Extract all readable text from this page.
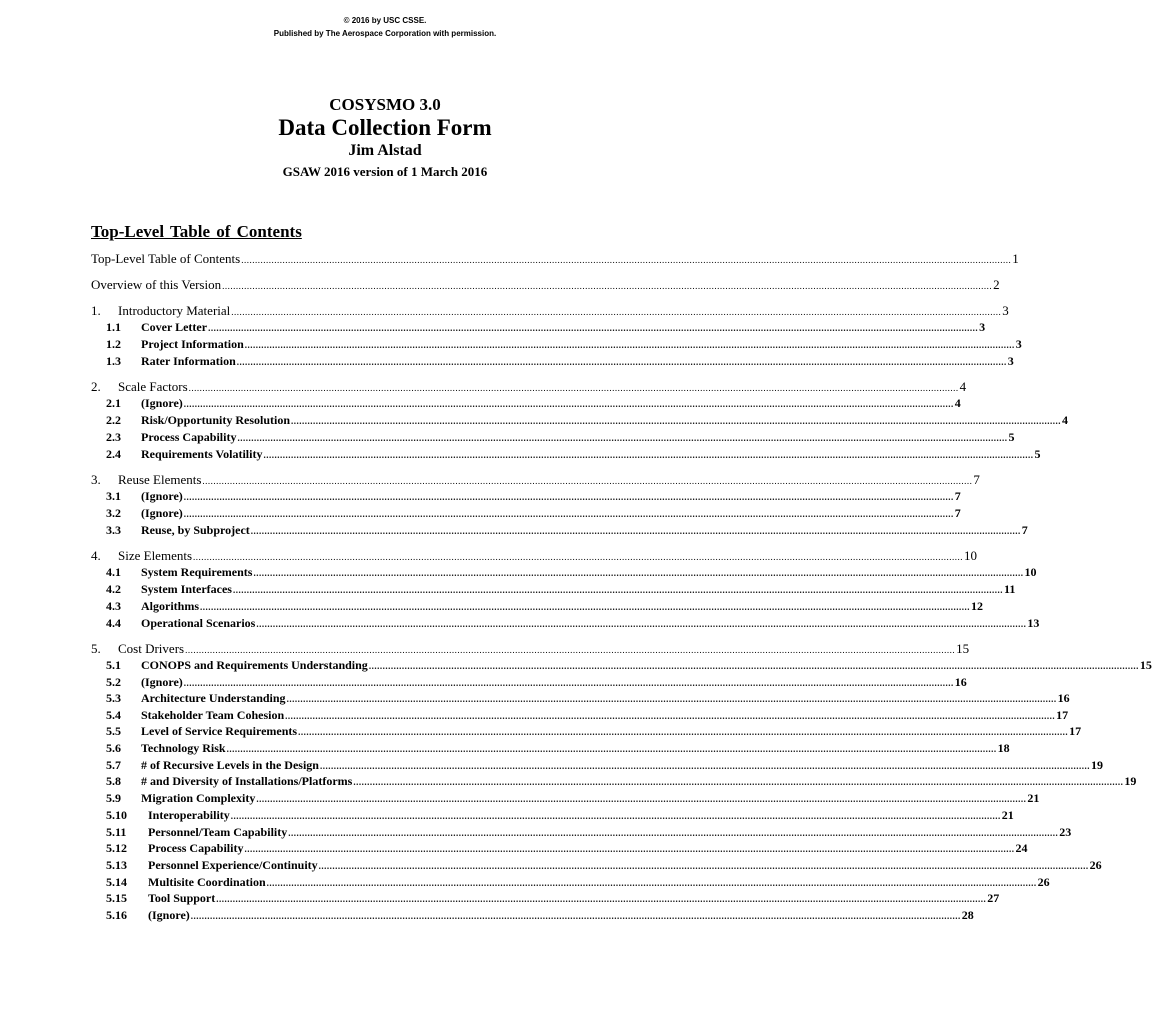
© 2016 by USC CSSE.
Published by The Aerospace Corporation with permission.
COSYSMO 3.0
Data Collection Form
Jim Alstad
GSAW 2016 version of 1 March 2016
Top-Level Table of Contents
Top-Level Table of Contents ........................................................................................................................................................................................................................................................................................ 1
Overview of this Version ........................................................................................................................................................................................................................................................................................ 2
1.	Introductory Material ........................................................................................................................................................................................................................................................................................ 3
1.1	Cover Letter ........................................................................................................................................................................................................................................................................................ 3
1.2	Project Information ........................................................................................................................................................................................................................................................................................ 3
1.3	Rater Information ........................................................................................................................................................................................................................................................................................ 3
2.	Scale Factors ........................................................................................................................................................................................................................................................................................ 4
2.1	(Ignore) ........................................................................................................................................................................................................................................................................................ 4
2.2	Risk/Opportunity Resolution ........................................................................................................................................................................................................................................................................................ 4
2.3	Process Capability ........................................................................................................................................................................................................................................................................................ 5
2.4	Requirements Volatility ........................................................................................................................................................................................................................................................................................ 5
3.	Reuse Elements ........................................................................................................................................................................................................................................................................................ 7
3.1	(Ignore) ........................................................................................................................................................................................................................................................................................ 7
3.2	(Ignore) ........................................................................................................................................................................................................................................................................................ 7
3.3	Reuse, by Subproject ........................................................................................................................................................................................................................................................................................ 7
4.	Size Elements ........................................................................................................................................................................................................................................................................................ 10
4.1	System Requirements ........................................................................................................................................................................................................................................................................................ 10
4.2	System Interfaces ........................................................................................................................................................................................................................................................................................ 11
4.3	Algorithms ........................................................................................................................................................................................................................................................................................ 12
4.4	Operational Scenarios ........................................................................................................................................................................................................................................................................................ 13
5.	Cost Drivers ........................................................................................................................................................................................................................................................................................ 15
5.1	CONOPS and Requirements Understanding ........................................................................................................................................................................................................................................................................................ 15
5.2	(Ignore) ........................................................................................................................................................................................................................................................................................ 16
5.3	Architecture Understanding ........................................................................................................................................................................................................................................................................................ 16
5.4	Stakeholder Team Cohesion ........................................................................................................................................................................................................................................................................................ 17
5.5	Level of Service Requirements ........................................................................................................................................................................................................................................................................................ 17
5.6	Technology Risk ........................................................................................................................................................................................................................................................................................ 18
5.7	# of Recursive Levels in the Design ........................................................................................................................................................................................................................................................................................ 19
5.8	# and Diversity of Installations/Platforms ........................................................................................................................................................................................................................................................................................ 19
5.9	Migration Complexity ........................................................................................................................................................................................................................................................................................ 21
5.10	Interoperability ........................................................................................................................................................................................................................................................................................ 21
5.11	Personnel/Team Capability ........................................................................................................................................................................................................................................................................................ 23
5.12	Process Capability ........................................................................................................................................................................................................................................................................................ 24
5.13	Personnel Experience/Continuity ........................................................................................................................................................................................................................................................................................ 26
5.14	Multisite Coordination ........................................................................................................................................................................................................................................................................................ 26
5.15	Tool Support ........................................................................................................................................................................................................................................................................................ 27
5.16	(Ignore) ........................................................................................................................................................................................................................................................................................ 28
